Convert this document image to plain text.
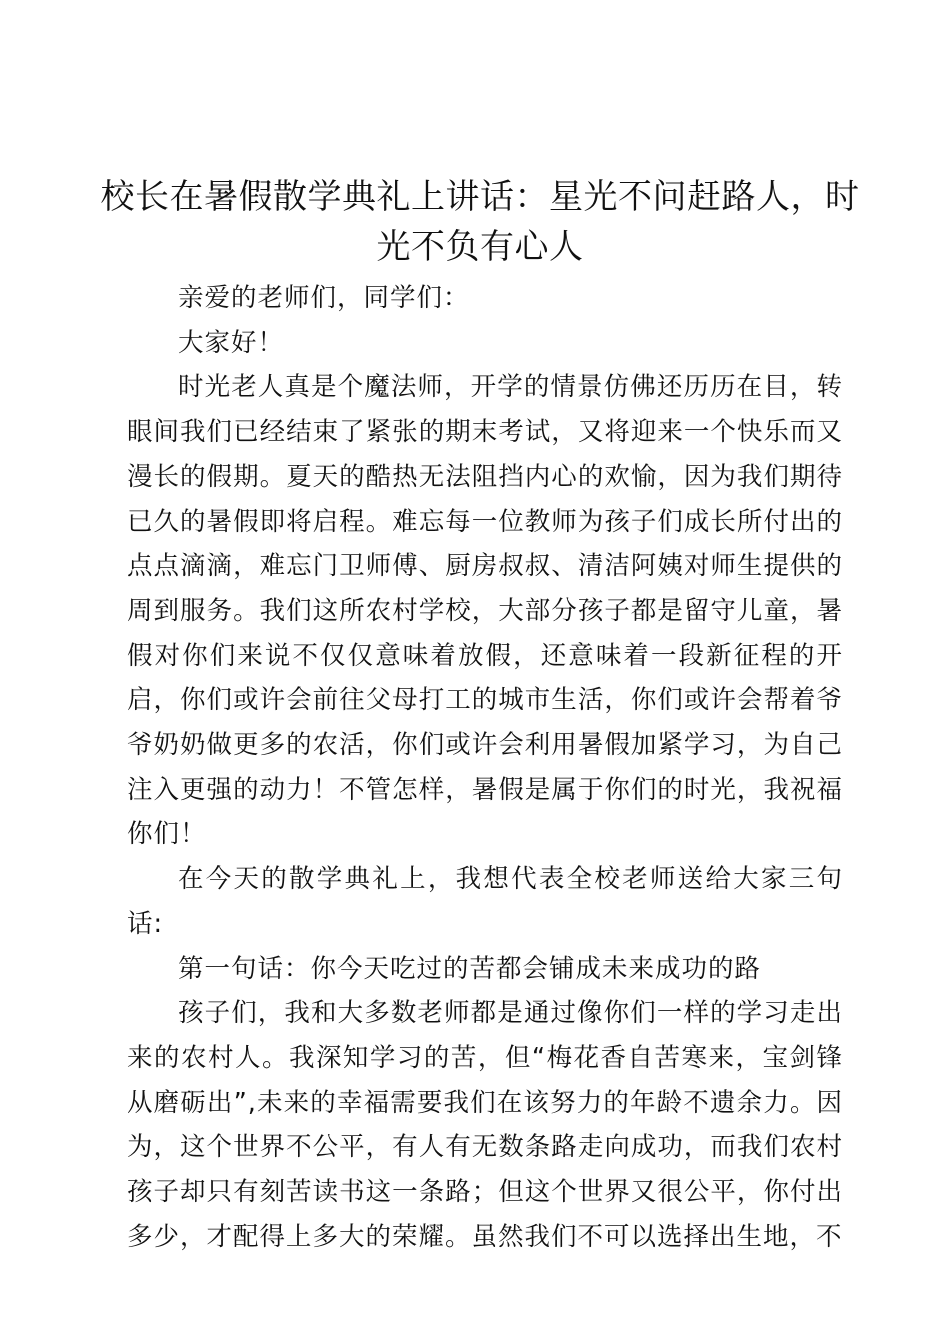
校长在暑假散学典礼上讲话：星光不问赶路人，时光不负有心人

亲爱的老师们，同学们：

大家好！

时光老人真是个魔法师，开学的情景仿佛还历历在目，转眼间我们已经结束了紧张的期末考试，又将迎来一个快乐而又漫长的假期。夏天的酷热无法阻挡内心的欢愉，因为我们期待已久的暑假即将启程。难忘每一位教师为孩子们成长所付出的点点滴滴，难忘门卫师傅、厨房叔叔、清洁阿姨对师生提供的周到服务。我们这所农村学校，大部分孩子都是留守儿童，暑假对你们来说不仅仅意味着放假，还意味着一段新征程的开启，你们或许会前往父母打工的城市生活，你们或许会帮着爷爷奶奶做更多的农活，你们或许会利用暑假加紧学习，为自己注入更强的动力！不管怎样，暑假是属于你们的时光，我祝福你们！

在今天的散学典礼上，我想代表全校老师送给大家三句话:

第一句话：你今天吃过的苦都会铺成未来成功的路

孩子们，我和大多数老师都是通过像你们一样的学习走出来的农村人。我深知学习的苦，但“梅花香自苦寒来，宝剑锋从磨砺出”,未来的幸福需要我们在该努力的年龄不遗余力。因为，这个世界不公平，有人有无数条路走向成功，而我们农村孩子却只有刻苦读书这一条路；但这个世界又很公平，你付出多少，才配得上多大的荣耀。虽然我们不可以选择出生地，不
